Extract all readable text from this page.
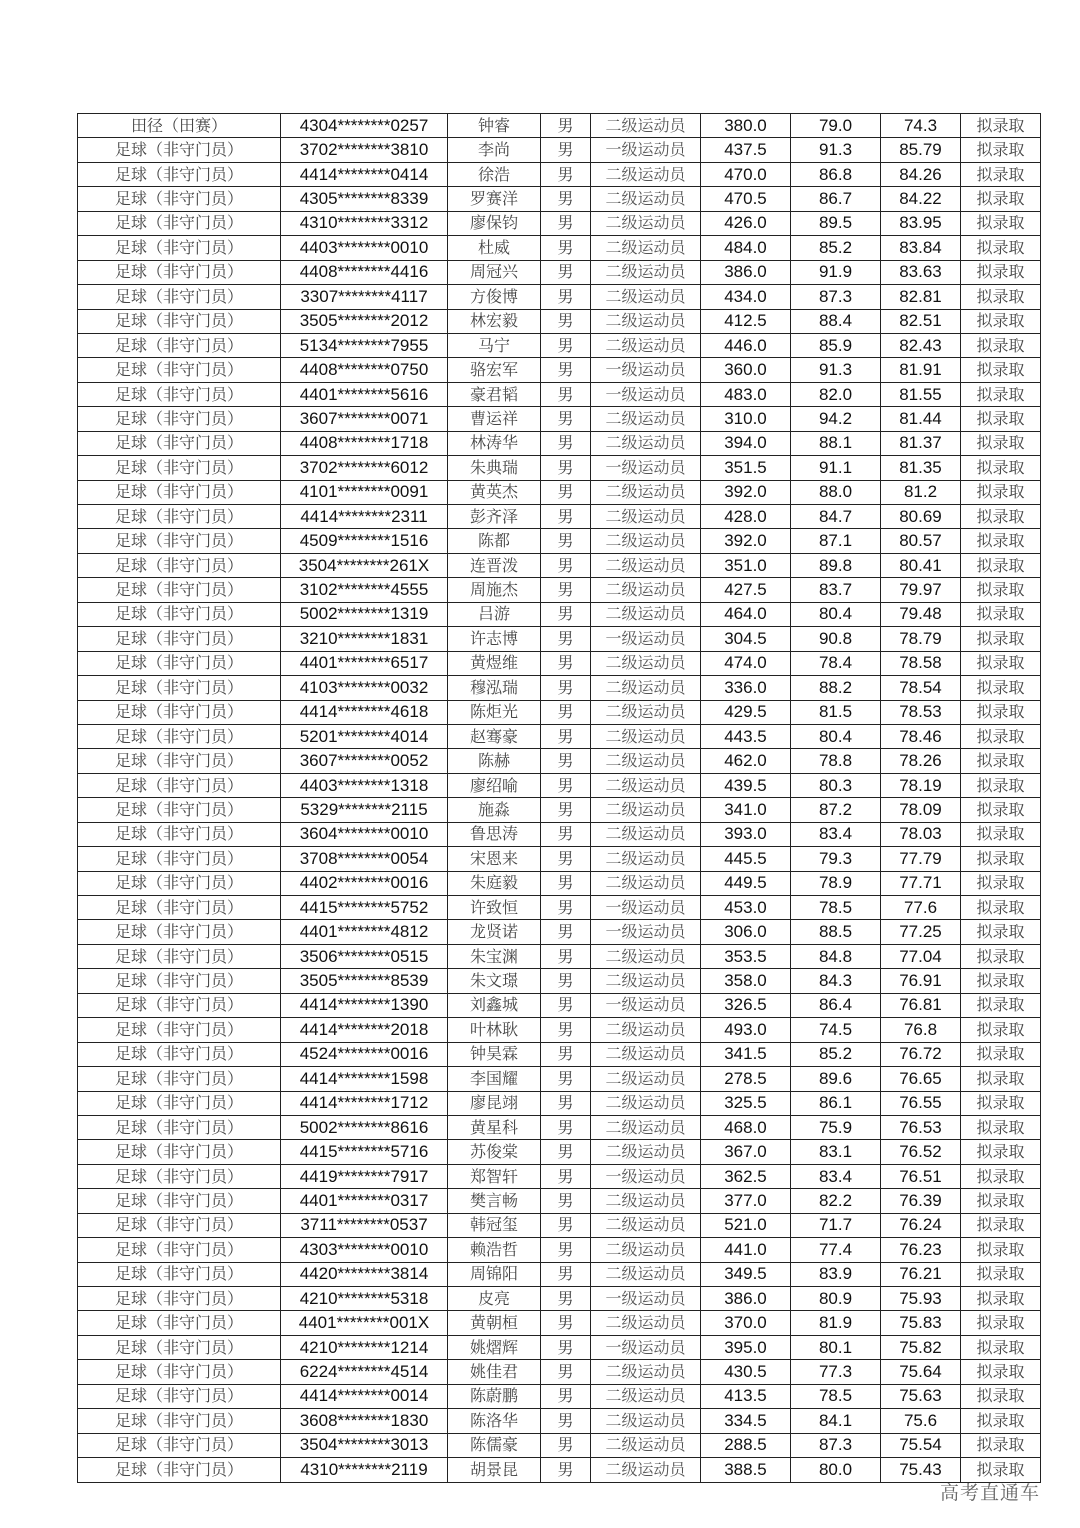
田径（田赛）	4304********0257	钟睿	男	二级运动员	380.0	79.0	74.3	拟录取
足球（非守门员）	3702********3810	李尚	男	一级运动员	437.5	91.3	85.79	拟录取
足球（非守门员）	4414********0414	徐浩	男	二级运动员	470.0	86.8	84.26	拟录取
足球（非守门员）	4305********8339	罗赛洋	男	二级运动员	470.5	86.7	84.22	拟录取
足球（非守门员）	4310********3312	廖保钧	男	二级运动员	426.0	89.5	83.95	拟录取
足球（非守门员）	4403********0010	杜威	男	二级运动员	484.0	85.2	83.84	拟录取
足球（非守门员）	4408********4416	周冠兴	男	二级运动员	386.0	91.9	83.63	拟录取
足球（非守门员）	3307********4117	方俊博	男	二级运动员	434.0	87.3	82.81	拟录取
足球（非守门员）	3505********2012	林宏毅	男	二级运动员	412.5	88.4	82.51	拟录取
足球（非守门员）	5134********7955	马宁	男	二级运动员	446.0	85.9	82.43	拟录取
足球（非守门员）	4408********0750	骆宏军	男	一级运动员	360.0	91.3	81.91	拟录取
足球（非守门员）	4401********5616	豪君韬	男	一级运动员	483.0	82.0	81.55	拟录取
足球（非守门员）	3607********0071	曹运祥	男	二级运动员	310.0	94.2	81.44	拟录取
足球（非守门员）	4408********1718	林涛华	男	二级运动员	394.0	88.1	81.37	拟录取
足球（非守门员）	3702********6012	朱典瑞	男	一级运动员	351.5	91.1	81.35	拟录取
足球（非守门员）	4101********0091	黄英杰	男	二级运动员	392.0	88.0	81.2	拟录取
足球（非守门员）	4414********2311	彭齐泽	男	二级运动员	428.0	84.7	80.69	拟录取
足球（非守门员）	4509********1516	陈都	男	二级运动员	392.0	87.1	80.57	拟录取
足球（非守门员）	3504********261X	连晋泼	男	二级运动员	351.0	89.8	80.41	拟录取
足球（非守门员）	3102********4555	周施杰	男	二级运动员	427.5	83.7	79.97	拟录取
足球（非守门员）	5002********1319	吕游	男	二级运动员	464.0	80.4	79.48	拟录取
足球（非守门员）	3210********1831	许志博	男	一级运动员	304.5	90.8	78.79	拟录取
足球（非守门员）	4401********6517	黄煜维	男	二级运动员	474.0	78.4	78.58	拟录取
足球（非守门员）	4103********0032	穆泓瑞	男	二级运动员	336.0	88.2	78.54	拟录取
足球（非守门员）	4414********4618	陈炬光	男	二级运动员	429.5	81.5	78.53	拟录取
足球（非守门员）	5201********4014	赵骞豪	男	二级运动员	443.5	80.4	78.46	拟录取
足球（非守门员）	3607********0052	陈赫	男	二级运动员	462.0	78.8	78.26	拟录取
足球（非守门员）	4403********1318	廖绍喻	男	二级运动员	439.5	80.3	78.19	拟录取
足球（非守门员）	5329********2115	施淼	男	二级运动员	341.0	87.2	78.09	拟录取
足球（非守门员）	3604********0010	鲁思涛	男	二级运动员	393.0	83.4	78.03	拟录取
足球（非守门员）	3708********0054	宋恩来	男	二级运动员	445.5	79.3	77.79	拟录取
足球（非守门员）	4402********0016	朱庭毅	男	二级运动员	449.5	78.9	77.71	拟录取
足球（非守门员）	4415********5752	许致恒	男	一级运动员	453.0	78.5	77.6	拟录取
足球（非守门员）	4401********4812	龙贤诺	男	一级运动员	306.0	88.5	77.25	拟录取
足球（非守门员）	3506********0515	朱宝渊	男	二级运动员	353.5	84.8	77.04	拟录取
足球（非守门员）	3505********8539	朱文璟	男	二级运动员	358.0	84.3	76.91	拟录取
足球（非守门员）	4414********1390	刘鑫城	男	一级运动员	326.5	86.4	76.81	拟录取
足球（非守门员）	4414********2018	叶林耿	男	二级运动员	493.0	74.5	76.8	拟录取
足球（非守门员）	4524********0016	钟昊霖	男	二级运动员	341.5	85.2	76.72	拟录取
足球（非守门员）	4414********1598	李国耀	男	二级运动员	278.5	89.6	76.65	拟录取
足球（非守门员）	4414********1712	廖昆翊	男	二级运动员	325.5	86.1	76.55	拟录取
足球（非守门员）	5002********8616	黄星科	男	二级运动员	468.0	75.9	76.53	拟录取
足球（非守门员）	4415********5716	苏俊棠	男	二级运动员	367.0	83.1	76.52	拟录取
足球（非守门员）	4419********7917	郑智轩	男	一级运动员	362.5	83.4	76.51	拟录取
足球（非守门员）	4401********0317	樊言畅	男	二级运动员	377.0	82.2	76.39	拟录取
足球（非守门员）	3711********0537	韩冠玺	男	二级运动员	521.0	71.7	76.24	拟录取
足球（非守门员）	4303********0010	赖浩哲	男	二级运动员	441.0	77.4	76.23	拟录取
足球（非守门员）	4420********3814	周锦阳	男	二级运动员	349.5	83.9	76.21	拟录取
足球（非守门员）	4210********5318	皮亮	男	一级运动员	386.0	80.9	75.93	拟录取
足球（非守门员）	4401********001X	黄朝桓	男	二级运动员	370.0	81.9	75.83	拟录取
足球（非守门员）	4210********1214	姚熠辉	男	一级运动员	395.0	80.1	75.82	拟录取
足球（非守门员）	6224********4514	姚佳君	男	二级运动员	430.5	77.3	75.64	拟录取
足球（非守门员）	4414********0014	陈蔚鹏	男	二级运动员	413.5	78.5	75.63	拟录取
足球（非守门员）	3608********1830	陈洛华	男	二级运动员	334.5	84.1	75.6	拟录取
足球（非守门员）	3504********3013	陈儒豪	男	二级运动员	288.5	87.3	75.54	拟录取
足球（非守门员）	4310********2119	胡景昆	男	二级运动员	388.5	80.0	75.43	拟录取
高考直通车
